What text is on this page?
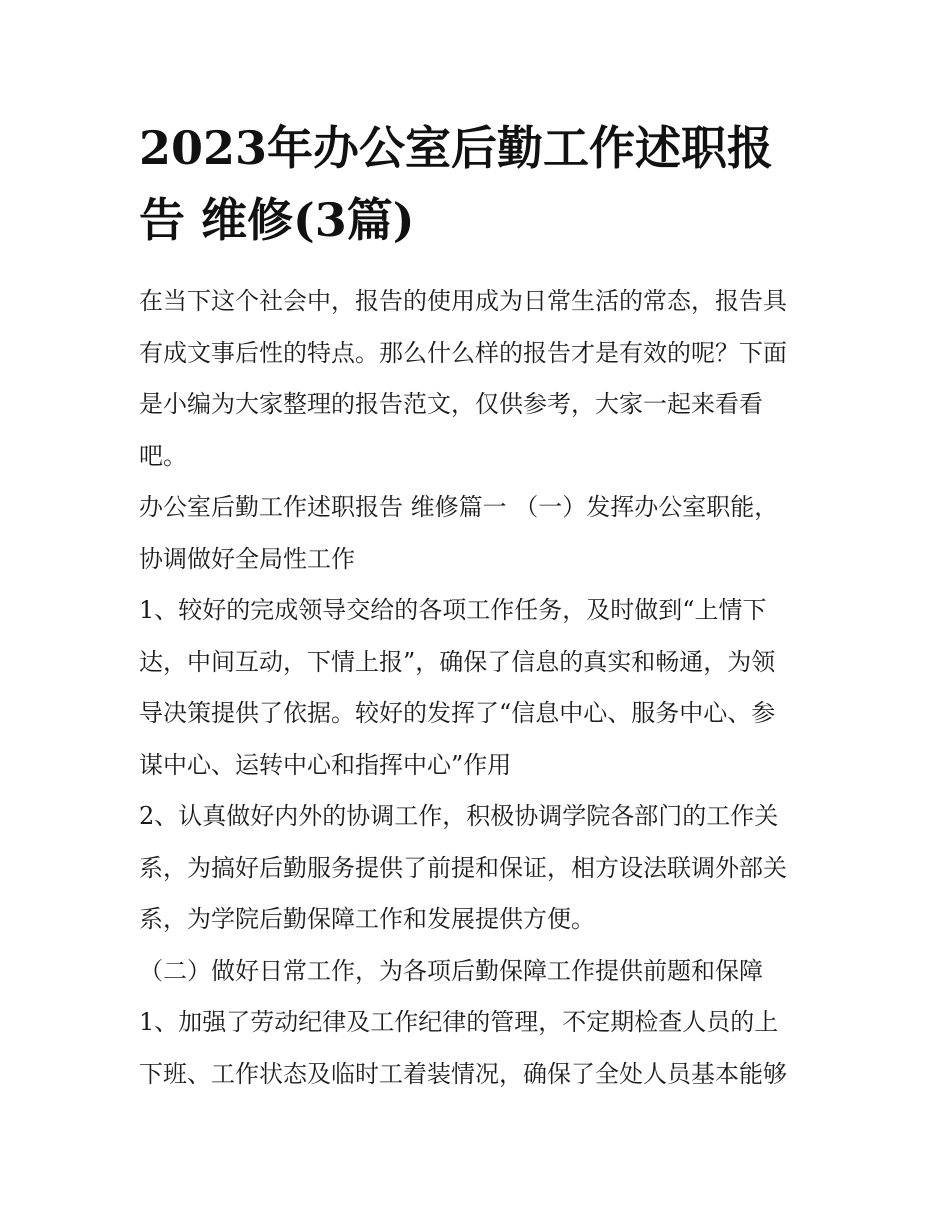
2023年办公室后勤工作述职报
告 维修(3篇)
在当下这个社会中，报告的使用成为日常生活的常态，报告具
有成文事后性的特点。那么什么样的报告才是有效的呢？下面
是小编为大家整理的报告范文，仅供参考，大家一起来看看
吧。
办公室后勤工作述职报告 维修篇一 （一）发挥办公室职能，
协调做好全局性工作
1、较好的完成领导交给的各项工作任务，及时做到“上情下
达，中间互动，下情上报”，确保了信息的真实和畅通，为领
导决策提供了依据。较好的发挥了“信息中心、服务中心、参
谋中心、运转中心和指挥中心”作用
2、认真做好内外的协调工作，积极协调学院各部门的工作关
系，为搞好后勤服务提供了前提和保证，相方设法联调外部关
系，为学院后勤保障工作和发展提供方便。
（二）做好日常工作，为各项后勤保障工作提供前题和保障
1、加强了劳动纪律及工作纪律的管理，不定期检查人员的上
下班、工作状态及临时工着装情况，确保了全处人员基本能够
